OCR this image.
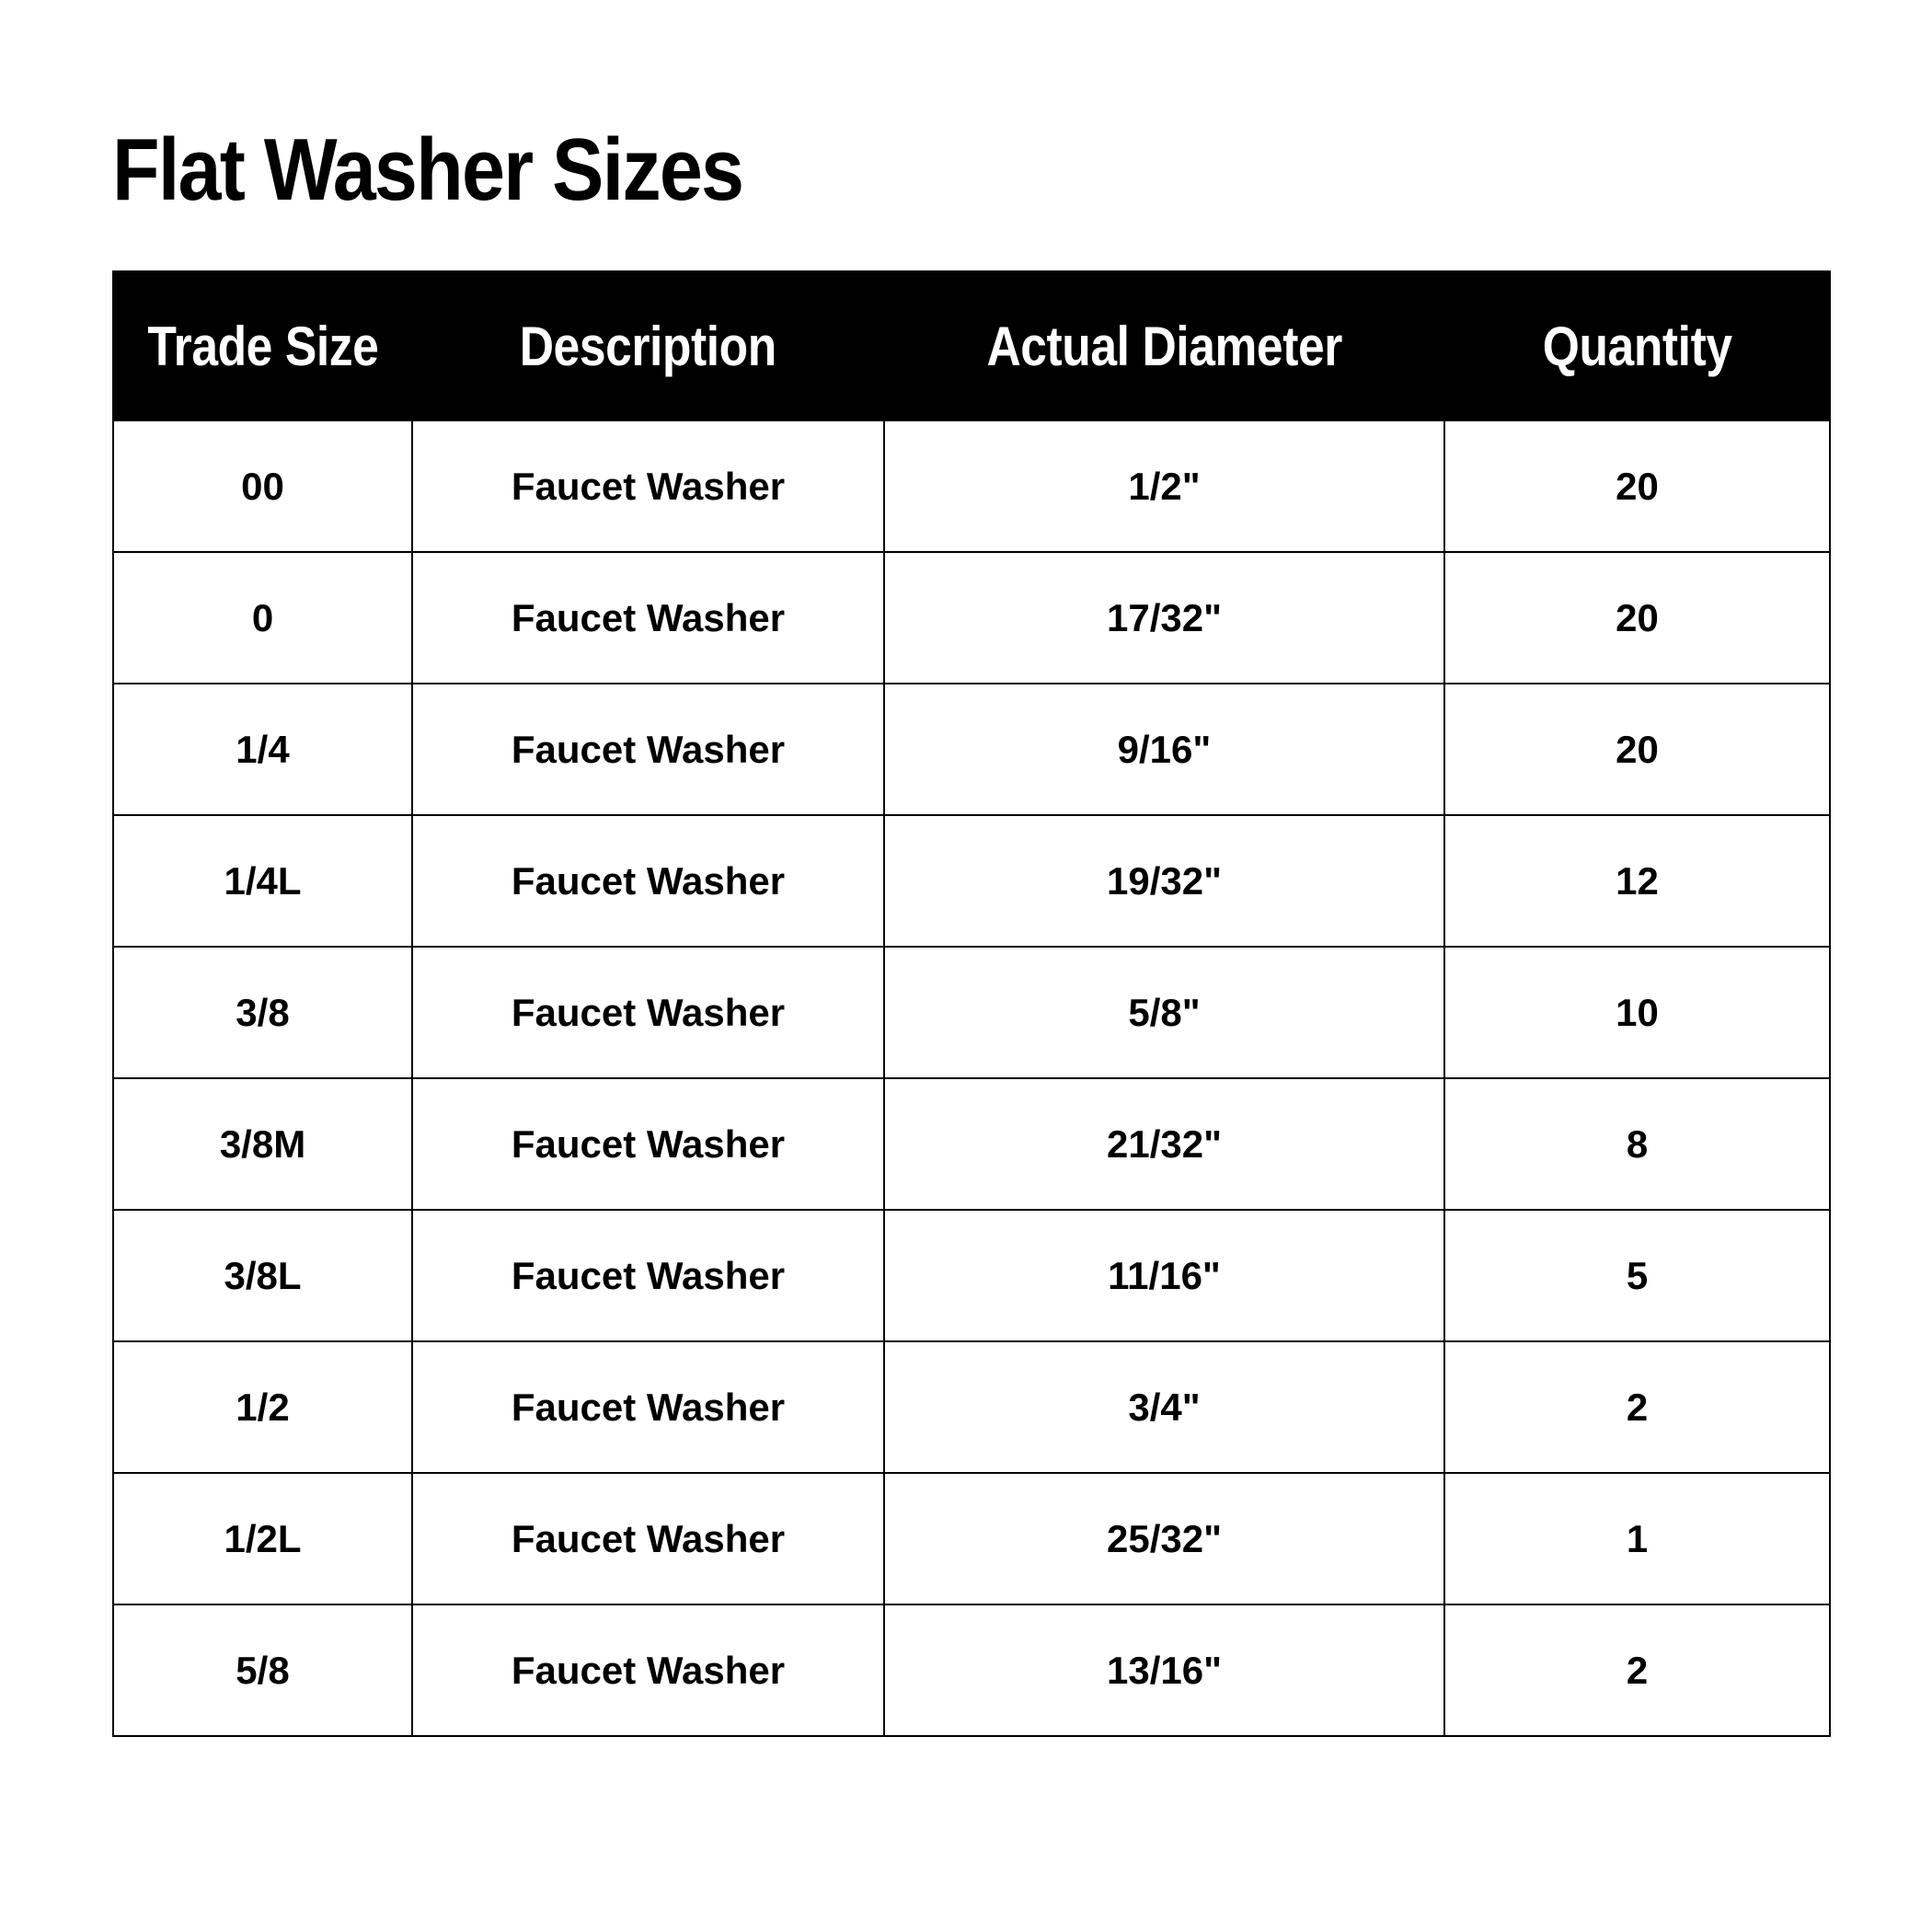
Flat Washer Sizes
Trade Size	Description	Actual Diameter	Quantity
00	Faucet Washer	1/2"	20
0	Faucet Washer	17/32"	20
1/4	Faucet Washer	9/16"	20
1/4L	Faucet Washer	19/32"	12
3/8	Faucet Washer	5/8"	10
3/8M	Faucet Washer	21/32"	8
3/8L	Faucet Washer	11/16"	5
1/2	Faucet Washer	3/4"	2
1/2L	Faucet Washer	25/32"	1
5/8	Faucet Washer	13/16"	2
